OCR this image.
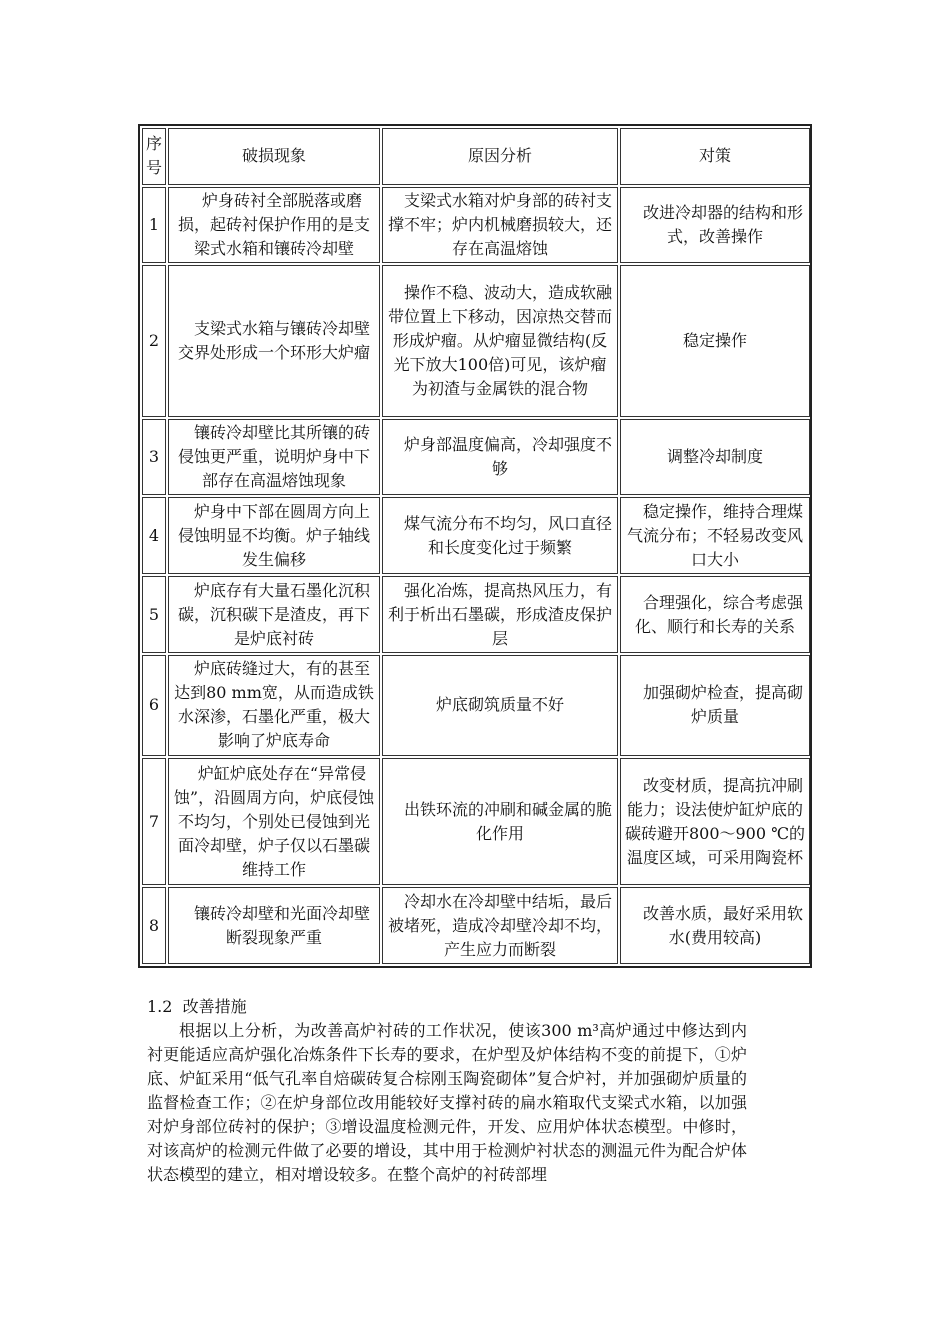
序号	破损现象	原因分析	对策
1	炉身砖衬全部脱落或磨损，起砖衬保护作用的是支梁式水箱和镶砖冷却壁	支梁式水箱对炉身部的砖衬支撑不牢；炉内机械磨损较大，还存在高温熔蚀	改进冷却器的结构和形式，改善操作
2	支梁式水箱与镶砖冷却壁交界处形成一个环形大炉瘤	操作不稳、波动大，造成软融带位置上下移动，因凉热交替而形成炉瘤。从炉瘤显微结构(反光下放大100倍)可见，该炉瘤为初渣与金属铁的混合物	稳定操作
3	镶砖冷却壁比其所镶的砖侵蚀更严重，说明炉身中下部存在高温熔蚀现象	炉身部温度偏高，冷却强度不够	调整冷却制度
4	炉身中下部在圆周方向上侵蚀明显不均衡。炉子轴线发生偏移	煤气流分布不均匀，风口直径和长度变化过于频繁	稳定操作，维持合理煤气流分布；不轻易改变风口大小
5	炉底存有大量石墨化沉积碳，沉积碳下是渣皮，再下是炉底衬砖	强化冶炼，提高热风压力，有利于析出石墨碳，形成渣皮保护层	合理强化，综合考虑强化、顺行和长寿的关系
6	炉底砖缝过大，有的甚至达到80 mm宽，从而造成铁水深渗，石墨化严重，极大影响了炉底寿命	炉底砌筑质量不好	加强砌炉检查，提高砌炉质量
7	炉缸炉底处存在“异常侵蚀”，沿圆周方向，炉底侵蚀不均匀，个别处已侵蚀到光面冷却壁，炉子仅以石墨碳维持工作	出铁环流的冲刷和碱金属的脆化作用	改变材质，提高抗冲刷能力；设法使炉缸炉底的碳砖避开800～900 ℃的温度区域，可采用陶瓷杯
8	镶砖冷却壁和光面冷却壁断裂现象严重	冷却水在冷却壁中结垢，最后被堵死，造成冷却壁冷却不均，产生应力而断裂	改善水质，最好采用软水(费用较高)

1.2  改善措施

根据以上分析，为改善高炉衬砖的工作状况，使该300 m³高炉通过中修达到内衬更能适应高炉强化冶炼条件下长寿的要求，在炉型及炉体结构不变的前提下，①炉底、炉缸采用“低气孔率自焙碳砖复合棕刚玉陶瓷砌体”复合炉衬，并加强砌炉质量的监督检查工作；②在炉身部位改用能较好支撑衬砖的扁水箱取代支梁式水箱，以加强对炉身部位砖衬的保护；③增设温度检测元件，开发、应用炉体状态模型。中修时，对该高炉的检测元件做了必要的增设，其中用于检测炉衬状态的测温元件为配合炉体状态模型的建立，相对增设较多。在整个高炉的衬砖部埋
